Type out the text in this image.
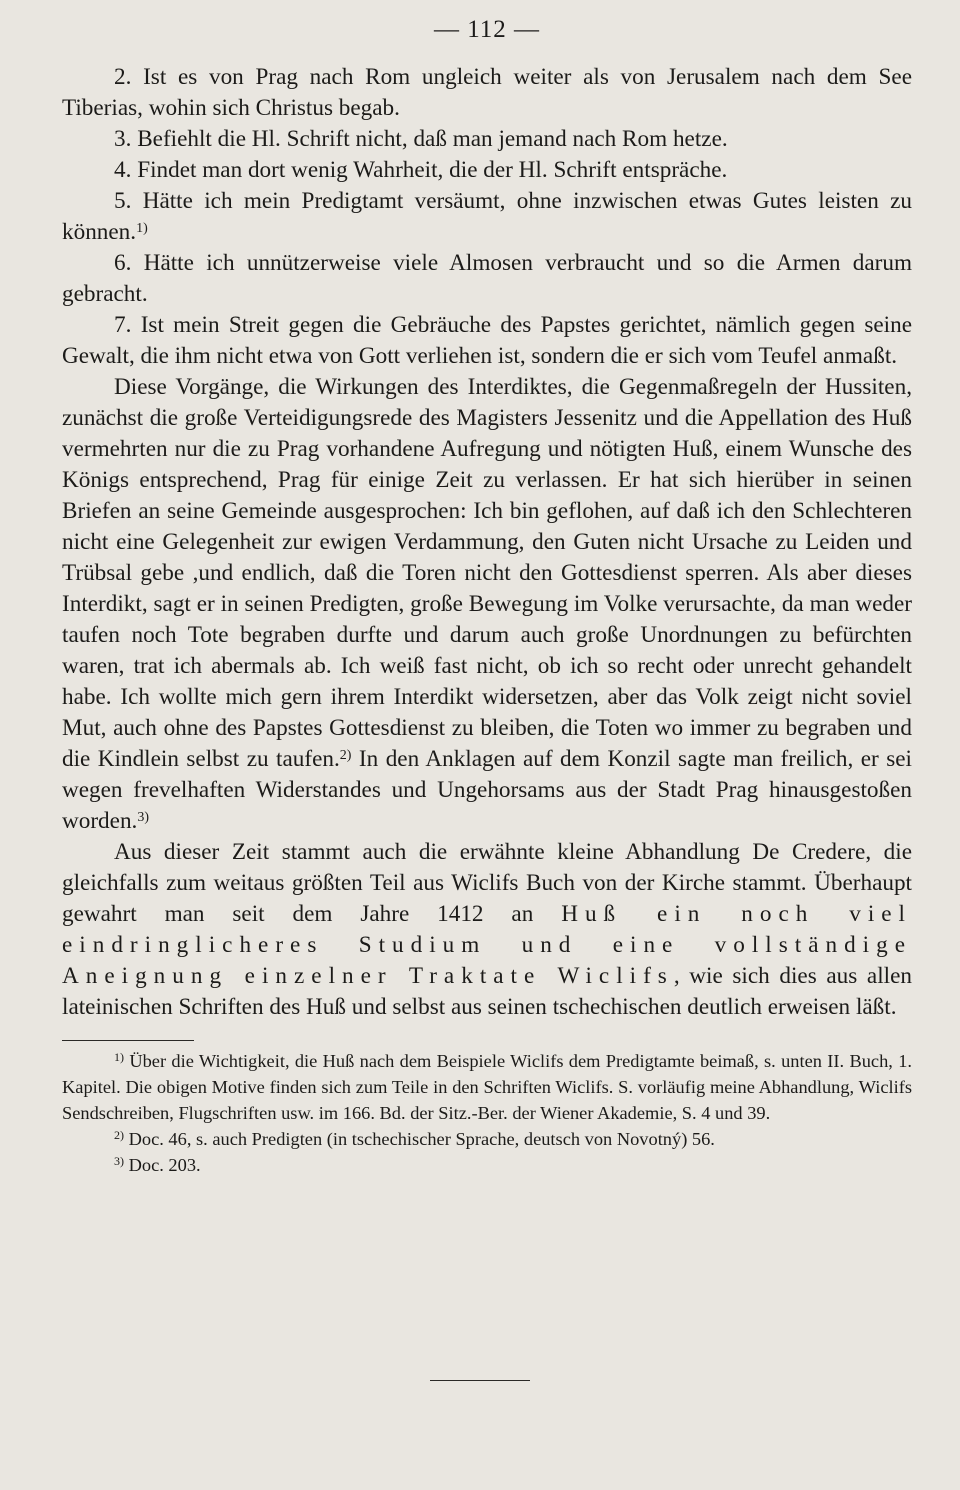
— 112 —

2. Ist es von Prag nach Rom ungleich weiter als von Jerusalem nach dem See Tiberias, wohin sich Christus begab.

3. Befiehlt die Hl. Schrift nicht, daß man jemand nach Rom hetze.

4. Findet man dort wenig Wahrheit, die der Hl. Schrift entspräche.

5. Hätte ich mein Predigtamt versäumt, ohne inzwischen etwas Gutes leisten zu können.$^{1)}$

6. Hätte ich unnützerweise viele Almosen verbraucht und so die Armen darum gebracht.

7. Ist mein Streit gegen die Gebräuche des Papstes gerichtet, nämlich gegen seine Gewalt, die ihm nicht etwa von Gott verliehen ist, sondern die er sich vom Teufel anmaßt.

Diese Vorgänge, die Wirkungen des Interdiktes, die Gegenmaßregeln der Hussiten, zunächst die große Verteidigungsrede des Magisters Jessenitz und die Appellation des Huß vermehrten nur die zu Prag vorhandene Aufregung und nötigten Huß, einem Wunsche des Königs entsprechend, Prag für einige Zeit zu verlassen. Er hat sich hierüber in seinen Briefen an seine Gemeinde ausgesprochen: Ich bin geflohen, auf daß ich den Schlechteren nicht eine Gelegenheit zur ewigen Verdammung, den Guten nicht Ursache zu Leiden und Trübsal gebe ,und endlich, daß die Toren nicht den Gottesdienst sperren. Als aber dieses Interdikt, sagt er in seinen Predigten, große Bewegung im Volke verursachte, da man weder taufen noch Tote begraben durfte und darum auch große Unordnungen zu befürchten waren, trat ich abermals ab. Ich weiß fast nicht, ob ich so recht oder unrecht gehandelt habe. Ich wollte mich gern ihrem Interdikt widersetzen, aber das Volk zeigt nicht soviel Mut, auch ohne des Papstes Gottesdienst zu bleiben, die Toten wo immer zu begraben und die Kindlein selbst zu taufen.$^{2)}$ In den Anklagen auf dem Konzil sagte man freilich, er sei wegen frevelhaften Widerstandes und Ungehorsams aus der Stadt Prag hinausgestoßen worden.$^{3)}$

Aus dieser Zeit stammt auch die erwähnte kleine Abhandlung De Credere, die gleichfalls zum weitaus größten Teil aus Wiclifs Buch von der Kirche stammt. Überhaupt gewahrt man seit dem Jahre 1412 an Huß ein noch viel eindringlicheres Studium und eine vollständige Aneignung einzelner Traktate Wiclifs, wie sich dies aus allen lateinischen Schriften des Huß und selbst aus seinen tschechischen deutlich erweisen läßt.

$^{1)}$ Über die Wichtigkeit, die Huß nach dem Beispiele Wiclifs dem Predigtamte beimaß, s. unten II. Buch, 1. Kapitel. Die obigen Motive finden sich zum Teile in den Schriften Wiclifs. S. vorläufig meine Abhandlung, Wiclifs Sendschreiben, Flugschriften usw. im 166. Bd. der Sitz.-Ber. der Wiener Akademie, S. 4 und 39.

$^{2)}$ Doc. 46, s. auch Predigten (in tschechischer Sprache, deutsch von Novotný) 56.

$^{3)}$ Doc. 203.
